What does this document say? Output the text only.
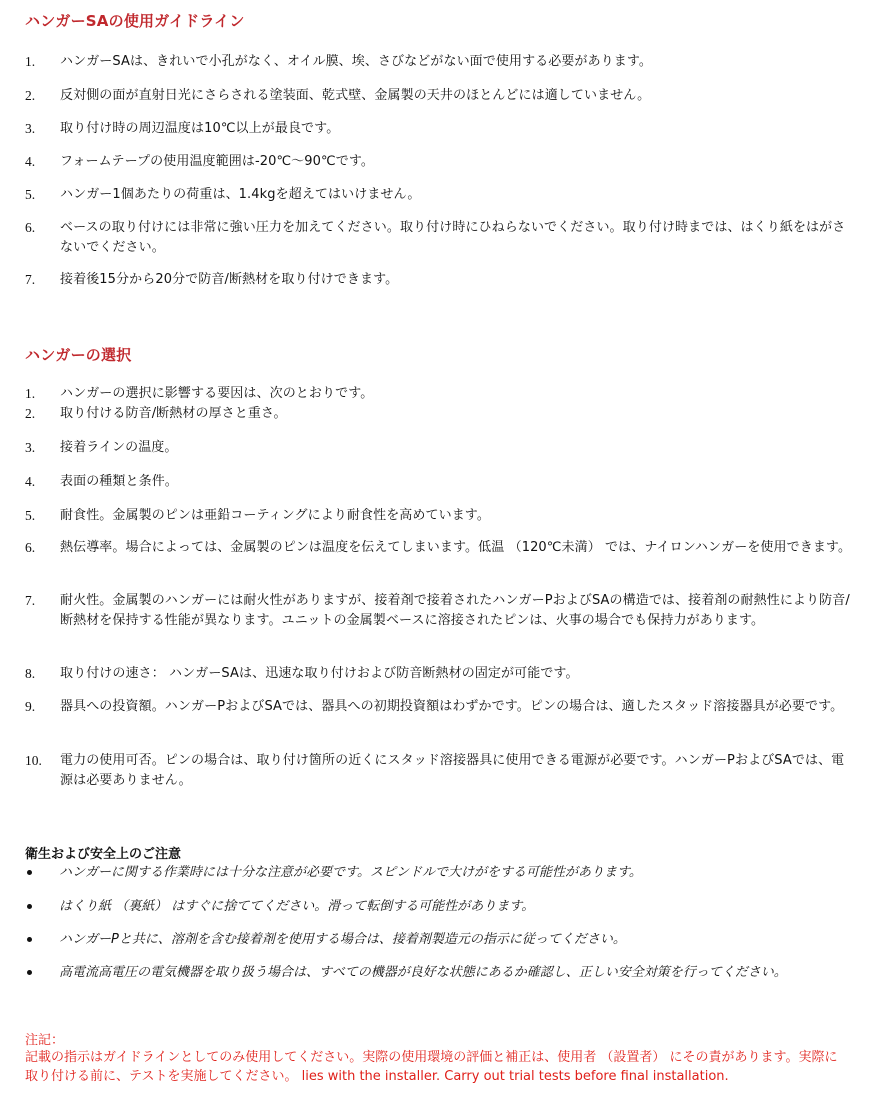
ハンガーSAの使用ガイドライン
1.	ハンガーSAは、きれいで小孔がなく、オイル膜、埃、さびなどがない面で使用する必要があります。
2.	反対側の面が直射日光にさらされる塗装面、乾式壁、金属製の天井のほとんどには適していません。
3.	取り付け時の周辺温度は10℃以上が最良です。
4.	フォームテープの使用温度範囲は-20℃～90℃です。
5.	ハンガー1個あたりの荷重は、1.4kgを超えてはいけません。
6.	ベースの取り付けには非常に強い圧力を加えてください。取り付け時にひねらないでください。取り付け時までは、はくり紙をはがさないでください。
7.	接着後15分から20分で防音/断熱材を取り付けできます。
ハンガーの選択
1.	ハンガーの選択に影響する要因は、次のとおりです。
2.	取り付ける防音/断熱材の厚さと重さ。
3.	接着ラインの温度。
4.	表面の種類と条件。
5.	耐食性。金属製のピンは亜鉛コーティングにより耐食性を高めています。
6.	熱伝導率。場合によっては、金属製のピンは温度を伝えてしまいます。低温 （120℃未満） では、ナイロンハンガーを使用できます。
7.	耐火性。金属製のハンガーには耐火性がありますが、接着剤で接着されたハンガーPおよびSAの構造では、接着剤の耐熱性により防音/断熱材を保持する性能が異なります。ユニットの金属製ベースに溶接されたピンは、火事の場合でも保持力があります。
8.	取り付けの速さ： ハンガーSAは、迅速な取り付けおよび防音断熱材の固定が可能です。
9.	器具への投資額。ハンガーPおよびSAでは、器具への初期投資額はわずかです。ピンの場合は、適したスタッド溶接器具が必要です。
10.	電力の使用可否。ピンの場合は、取り付け箇所の近くにスタッド溶接器具に使用できる電源が必要です。ハンガーPおよびSAでは、電源は必要ありません。
衛生および安全上のご注意
ハンガーに関する作業時には十分な注意が必要です。スピンドルで大けがをする可能性があります。
はくり紙 （裏紙） はすぐに捨ててください。滑って転倒する可能性があります。
ハンガーPと共に、溶剤を含む接着剤を使用する場合は、接着剤製造元の指示に従ってください。
高電流高電圧の電気機器を取り扱う場合は、すべての機器が良好な状態にあるか確認し、正しい安全対策を行ってください。
注記：
記載の指示はガイドラインとしてのみ使用してください。実際の使用環境の評価と補正は、使用者 （設置者） にその責があります。実際に取り付ける前に、テストを実施してください。 lies with the installer. Carry out trial tests before final installation.
